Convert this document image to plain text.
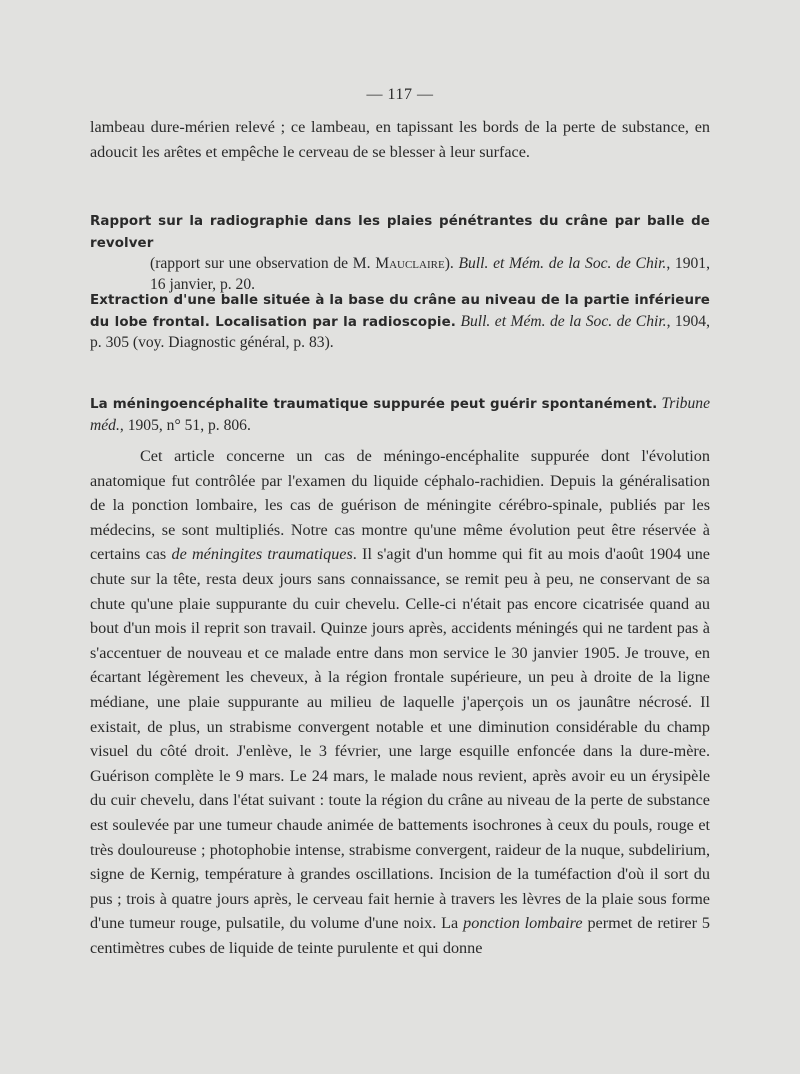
— 117 —
lambeau dure-mérien relevé ; ce lambeau, en tapissant les bords de la perte de substance, en adoucit les arêtes et empêche le cerveau de se blesser à leur surface.
Rapport sur la radiographie dans les plaies pénétrantes du crâne par balle de revolver
(rapport sur une observation de M. Mauclaire). Bull. et Mém. de la Soc. de Chir., 1901, 16 janvier, p. 20.
Extraction d'une balle située à la base du crâne au niveau de la partie inférieure du lobe frontal. Localisation par la radioscopie. Bull. et Mém. de la Soc. de Chir., 1904, p. 305 (voy. Diagnostic général, p. 83).
La méningoencéphalite traumatique suppurée peut guérir spontanément. Tribune méd., 1905, n° 51, p. 806.
Cet article concerne un cas de méningo-encéphalite suppurée dont l'évolution anatomique fut contrôlée par l'examen du liquide céphalo-rachidien. Depuis la généralisation de la ponction lombaire, les cas de guérison de méningite cérébro-spinale, publiés par les médecins, se sont multipliés. Notre cas montre qu'une même évolution peut être réservée à certains cas de méningites traumatiques. Il s'agit d'un homme qui fit au mois d'août 1904 une chute sur la tête, resta deux jours sans connaissance, se remit peu à peu, ne conservant de sa chute qu'une plaie suppurante du cuir chevelu. Celle-ci n'était pas encore cicatrisée quand au bout d'un mois il reprit son travail. Quinze jours après, accidents méningés qui ne tardent pas à s'accentuer de nouveau et ce malade entre dans mon service le 30 janvier 1905. Je trouve, en écartant légèrement les cheveux, à la région frontale supérieure, un peu à droite de la ligne médiane, une plaie suppurante au milieu de laquelle j'aperçois un os jaunâtre nécrosé. Il existait, de plus, un strabisme convergent notable et une diminution considérable du champ visuel du côté droit. J'enlève, le 3 février, une large esquille enfoncée dans la dure-mère. Guérison complète le 9 mars. Le 24 mars, le malade nous revient, après avoir eu un érysipèle du cuir chevelu, dans l'état suivant : toute la région du crâne au niveau de la perte de substance est soulevée par une tumeur chaude animée de battements isochrones à ceux du pouls, rouge et très douloureuse ; photophobie intense, strabisme convergent, raideur de la nuque, subdelirium, signe de Kernig, température à grandes oscillations. Incision de la tuméfaction d'où il sort du pus ; trois à quatre jours après, le cerveau fait hernie à travers les lèvres de la plaie sous forme d'une tumeur rouge, pulsatile, du volume d'une noix. La ponction lombaire permet de retirer 5 centimètres cubes de liquide de teinte purulente et qui donne
